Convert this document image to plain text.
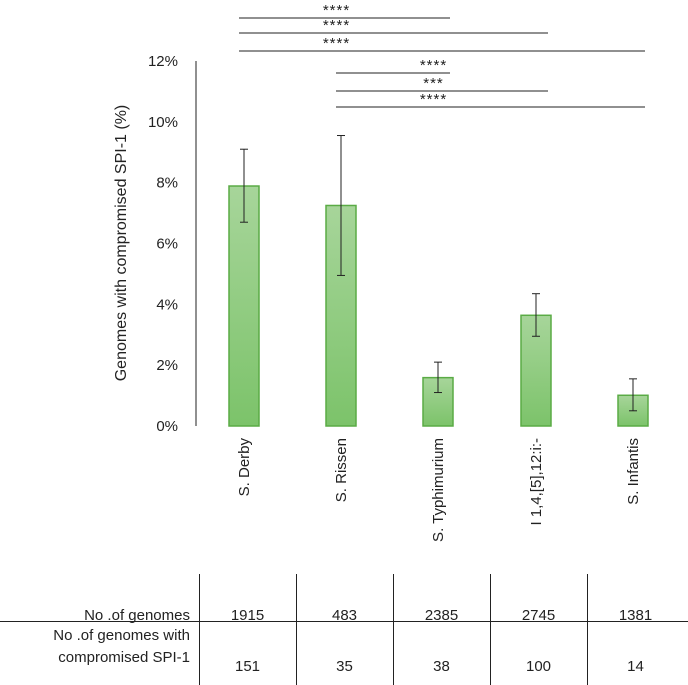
****
****
****
****
***
****
0%
2%
4%
6%
8%
10%
12%
S. Derby	S. Rissen	S. Typhimurium	I 1,4,[5],12:i:-	S. Infantis
Genomes with compromised SPI-1 (%)
No .of genomes	1915	483	2385	2745	1381
No .of genomes with
compromised SPI-1
151	35	38	100	14
